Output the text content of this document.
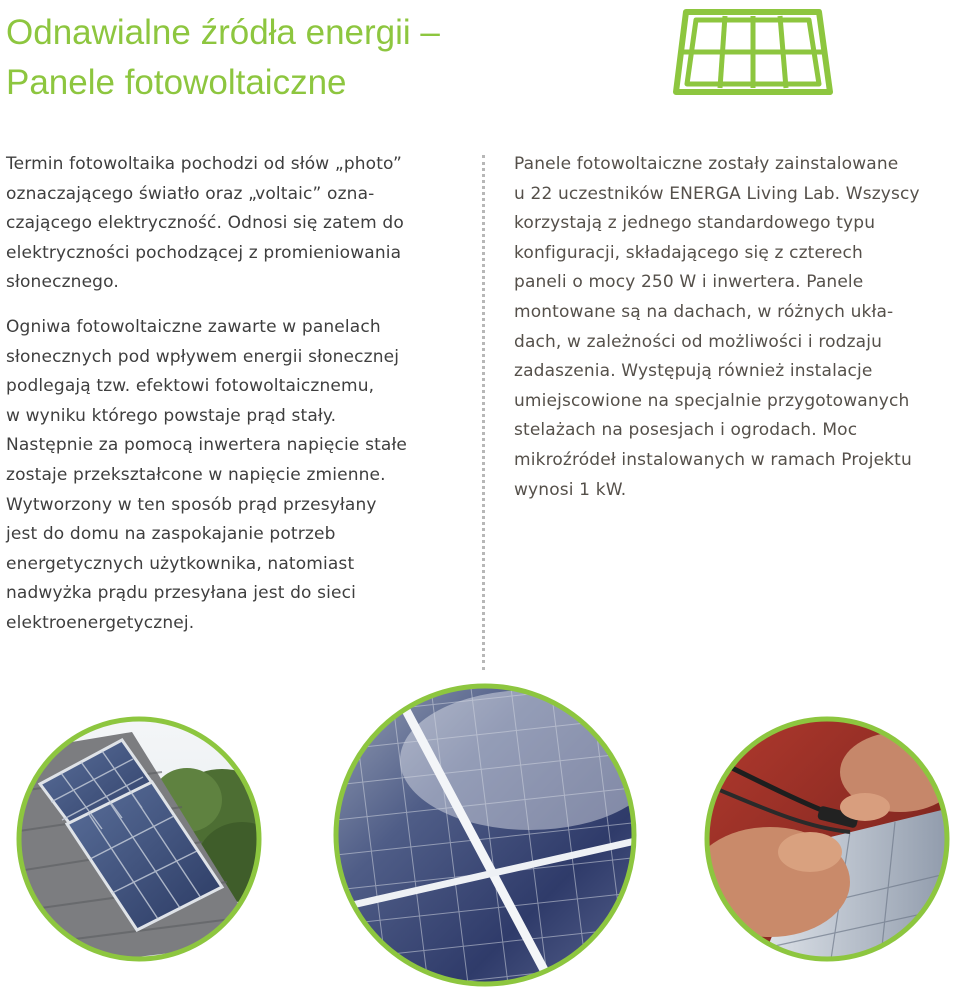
Odnawialne źródła energii –
Panele fotowoltaiczne

Termin fotowoltaika pochodzi od słów „photo”
oznaczającego światło oraz „voltaic” ozna-
czającego elektryczność. Odnosi się zatem do
elektryczności pochodzącej z promieniowania
słonecznego.

Ogniwa fotowoltaiczne zawarte w panelach
słonecznych pod wpływem energii słonecznej
podlegają tzw. efektowi fotowoltaicznemu,
w wyniku którego powstaje prąd stały.
Następnie za pomocą inwertera napięcie stałe
zostaje przekształcone w napięcie zmienne.
Wytworzony w ten sposób prąd przesyłany
jest do domu na zaspokajanie potrzeb
energetycznych użytkownika, natomiast
nadwyżka prądu przesyłana jest do sieci
elektroenergetycznej.

Panele fotowoltaiczne zostały zainstalowane
u 22 uczestników ENERGA Living Lab. Wszyscy
korzystają z jednego standardowego typu
konfiguracji, składającego się z czterech
paneli o mocy 250 W i inwertera. Panele
montowane są na dachach, w różnych ukła-
dach, w zależności od możliwości i rodzaju
zadaszenia. Występują również instalacje
umiejscowione na specjalnie przygotowanych
stelażach na posesjach i ogrodach. Moc
mikroźródeł instalowanych w ramach Projektu
wynosi 1 kW.
